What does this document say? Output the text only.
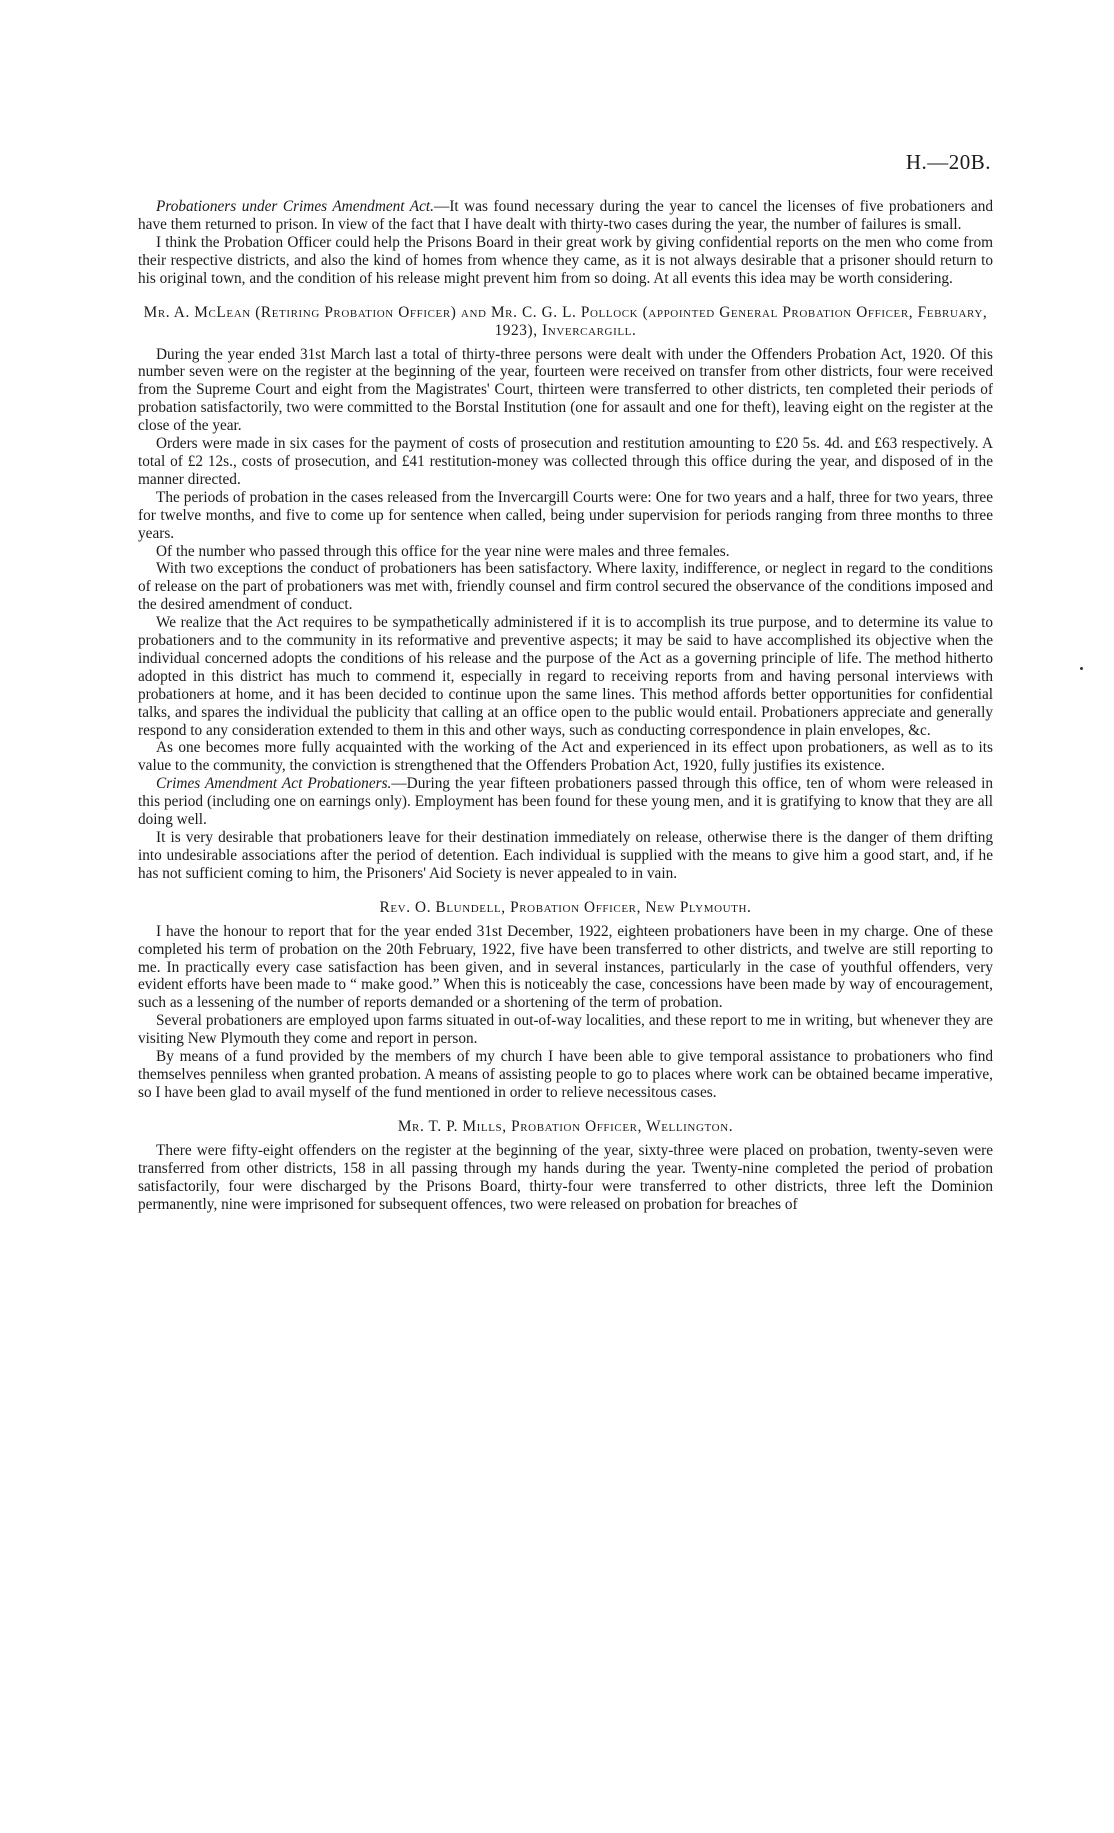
H.—20B.

Probationers under Crimes Amendment Act.—It was found necessary during the year to cancel the licenses of five probationers and have them returned to prison. In view of the fact that I have dealt with thirty-two cases during the year, the number of failures is small.

I think the Probation Officer could help the Prisons Board in their great work by giving confidential reports on the men who come from their respective districts, and also the kind of homes from whence they came, as it is not always desirable that a prisoner should return to his original town, and the condition of his release might prevent him from so doing. At all events this idea may be worth considering.

Mr. A. McLean (Retiring Probation Officer) and Mr. C. G. L. Pollock (appointed General Probation Officer, February, 1923), Invercargill.

During the year ended 31st March last a total of thirty-three persons were dealt with under the Offenders Probation Act, 1920. Of this number seven were on the register at the beginning of the year, fourteen were received on transfer from other districts, four were received from the Supreme Court and eight from the Magistrates' Court, thirteen were transferred to other districts, ten completed their periods of probation satisfactorily, two were committed to the Borstal Institution (one for assault and one for theft), leaving eight on the register at the close of the year.

Orders were made in six cases for the payment of costs of prosecution and restitution amounting to £20 5s. 4d. and £63 respectively. A total of £2 12s., costs of prosecution, and £41 restitution-money was collected through this office during the year, and disposed of in the manner directed.

The periods of probation in the cases released from the Invercargill Courts were: One for two years and a half, three for two years, three for twelve months, and five to come up for sentence when called, being under supervision for periods ranging from three months to three years.

Of the number who passed through this office for the year nine were males and three females.

With two exceptions the conduct of probationers has been satisfactory. Where laxity, indifference, or neglect in regard to the conditions of release on the part of probationers was met with, friendly counsel and firm control secured the observance of the conditions imposed and the desired amendment of conduct.

We realize that the Act requires to be sympathetically administered if it is to accomplish its true purpose, and to determine its value to probationers and to the community in its reformative and preventive aspects; it may be said to have accomplished its objective when the individual concerned adopts the conditions of his release and the purpose of the Act as a governing principle of life. The method hitherto adopted in this district has much to commend it, especially in regard to receiving reports from and having personal interviews with probationers at home, and it has been decided to continue upon the same lines. This method affords better opportunities for confidential talks, and spares the individual the publicity that calling at an office open to the public would entail. Probationers appreciate and generally respond to any consideration extended to them in this and other ways, such as conducting correspondence in plain envelopes, &c.

As one becomes more fully acquainted with the working of the Act and experienced in its effect upon probationers, as well as to its value to the community, the conviction is strengthened that the Offenders Probation Act, 1920, fully justifies its existence.

Crimes Amendment Act Probationers.—During the year fifteen probationers passed through this office, ten of whom were released in this period (including one on earnings only). Employment has been found for these young men, and it is gratifying to know that they are all doing well.

It is very desirable that probationers leave for their destination immediately on release, otherwise there is the danger of them drifting into undesirable associations after the period of detention. Each individual is supplied with the means to give him a good start, and, if he has not sufficient coming to him, the Prisoners' Aid Society is never appealed to in vain.

Rev. O. Blundell, Probation Officer, New Plymouth.

I have the honour to report that for the year ended 31st December, 1922, eighteen probationers have been in my charge. One of these completed his term of probation on the 20th February, 1922, five have been transferred to other districts, and twelve are still reporting to me. In practically every case satisfaction has been given, and in several instances, particularly in the case of youthful offenders, very evident efforts have been made to “ make good.” When this is noticeably the case, concessions have been made by way of encouragement, such as a lessening of the number of reports demanded or a shortening of the term of probation.

Several probationers are employed upon farms situated in out-of-way localities, and these report to me in writing, but whenever they are visiting New Plymouth they come and report in person.

By means of a fund provided by the members of my church I have been able to give temporal assistance to probationers who find themselves penniless when granted probation. A means of assisting people to go to places where work can be obtained became imperative, so I have been glad to avail myself of the fund mentioned in order to relieve necessitous cases.

Mr. T. P. Mills, Probation Officer, Wellington.

There were fifty-eight offenders on the register at the beginning of the year, sixty-three were placed on probation, twenty-seven were transferred from other districts, 158 in all passing through my hands during the year. Twenty-nine completed the period of probation satisfactorily, four were discharged by the Prisons Board, thirty-four were transferred to other districts, three left the Dominion permanently, nine were imprisoned for subsequent offences, two were released on probation for breaches of
